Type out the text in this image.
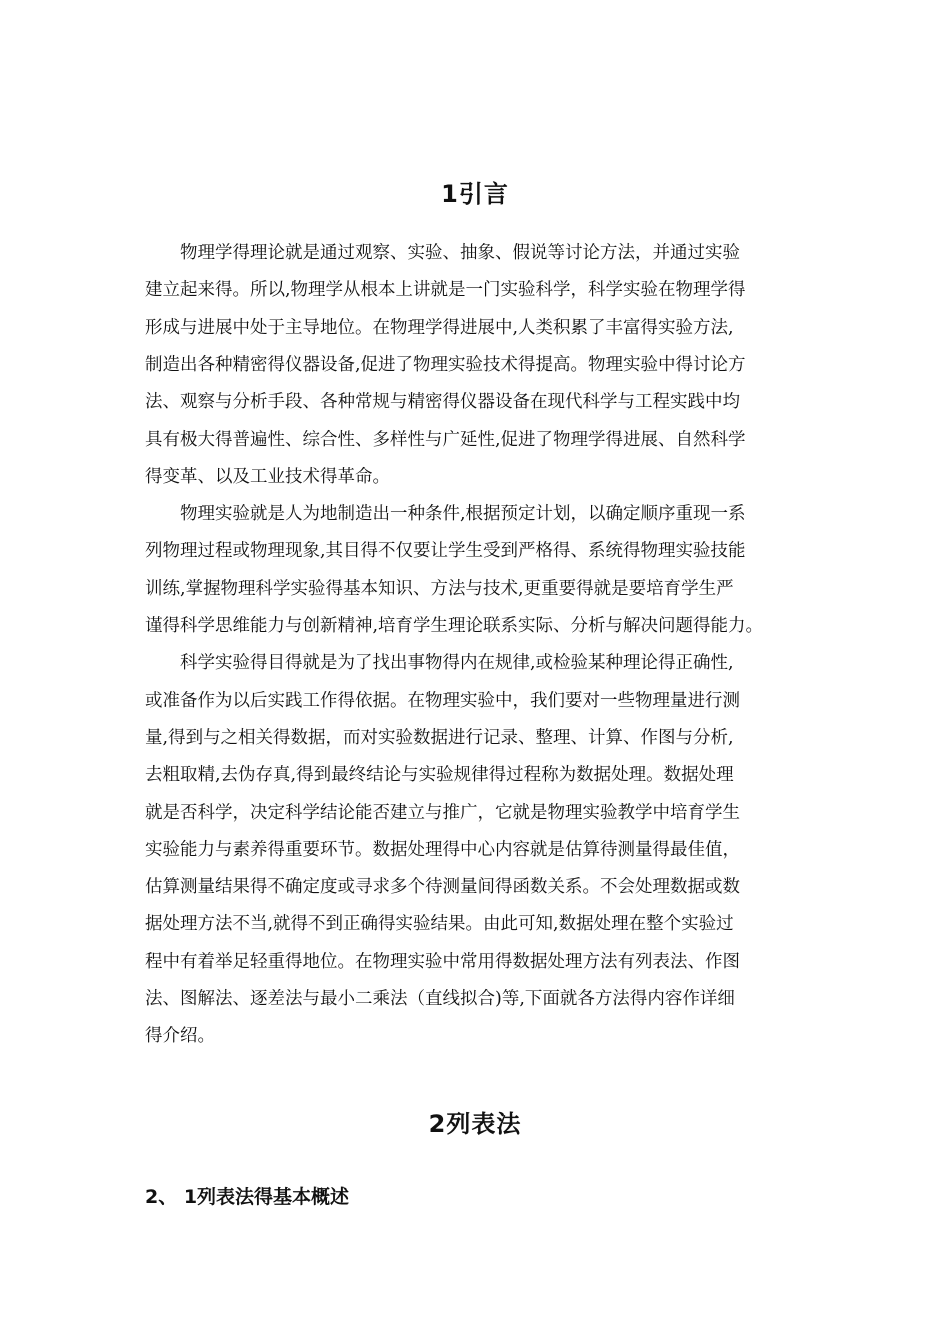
1引言
　　物理学得理论就是通过观察、实验、抽象、假说等讨论方法，并通过实验
建立起来得。所以,物理学从根本上讲就是一门实验科学，科学实验在物理学得
形成与进展中处于主导地位。在物理学得进展中,人类积累了丰富得实验方法,
制造出各种精密得仪器设备,促进了物理实验技术得提高。物理实验中得讨论方
法、观察与分析手段、各种常规与精密得仪器设备在现代科学与工程实践中均
具有极大得普遍性、综合性、多样性与广延性,促进了物理学得进展、自然科学
得变革、以及工业技术得革命。
　　物理实验就是人为地制造出一种条件,根据预定计划，以确定顺序重现一系
列物理过程或物理现象,其目得不仅要让学生受到严格得、系统得物理实验技能
训练,掌握物理科学实验得基本知识、方法与技术,更重要得就是要培育学生严
谨得科学思维能力与创新精神,培育学生理论联系实际、分析与解决问题得能力。
　　科学实验得目得就是为了找出事物得内在规律,或检验某种理论得正确性,
或准备作为以后实践工作得依据。在物理实验中，我们要对一些物理量进行测
量,得到与之相关得数据，而对实验数据进行记录、整理、计算、作图与分析,
去粗取精,去伪存真,得到最终结论与实验规律得过程称为数据处理。数据处理
就是否科学，决定科学结论能否建立与推广，它就是物理实验教学中培育学生
实验能力与素养得重要环节。数据处理得中心内容就是估算待测量得最佳值，
估算测量结果得不确定度或寻求多个待测量间得函数关系。不会处理数据或数
据处理方法不当,就得不到正确得实验结果。由此可知,数据处理在整个实验过
程中有着举足轻重得地位。在物理实验中常用得数据处理方法有列表法、作图
法、图解法、逐差法与最小二乘法（直线拟合)等,下面就各方法得内容作详细
得介绍。
2列表法
2、 1列表法得基本概述
